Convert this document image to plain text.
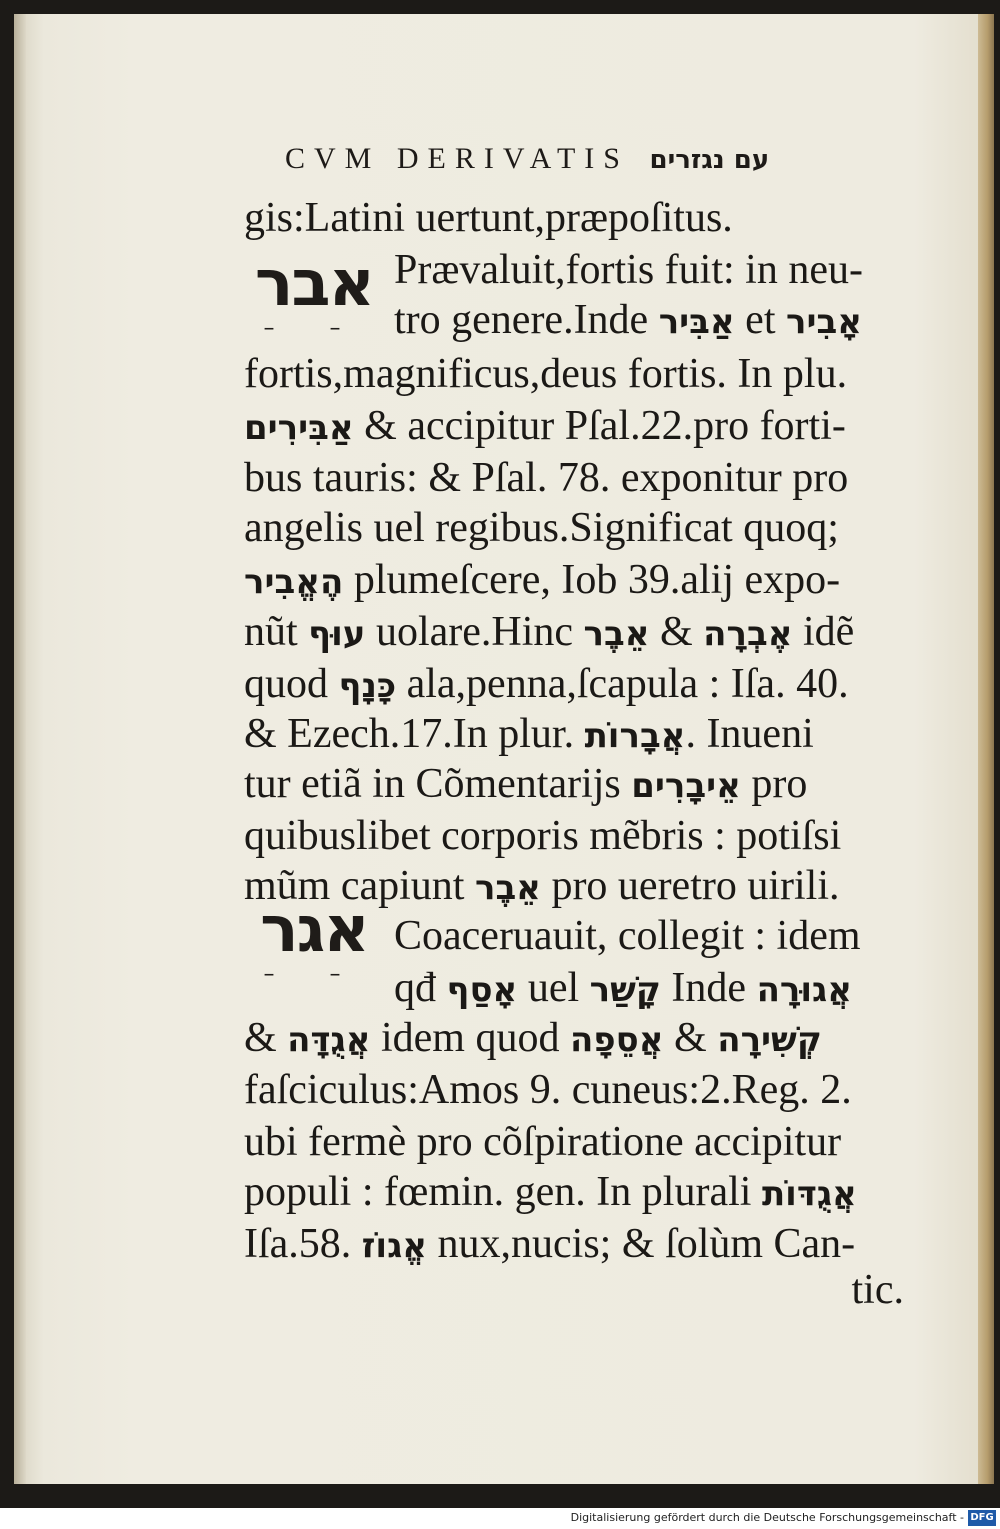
CVM DERIVATIS עם נגזרים
אבר
– –
אגר
– –
gis:Latini uertunt,præpoſitus.
Prævaluit,fortis fuit: in neu-
tro genere.Inde אַבִּיר et אָבִיר
fortis,magnificus,deus fortis. In plu.
אַבִּירִים & accipitur Pſal.22.pro forti-
bus tauris: & Pſal. 78. exponitur pro
angelis uel regibus.Significat quoq;
הֶאֱבִיר plumeſcere, Iob 39.alij expo-
nũt עוּף uolare.Hinc אֵבֶר & אֶבְרָה idẽ
quod כָּנָף ala,penna,ſcapula : Iſa. 40.
& Ezech.17.In plur. אֲבָרוֹת. Inueni
tur etiã in Cõmentarijs אֵיבָרִים pro
quibuslibet corporis mẽbris : potiſsi
mũm capiunt אֵבֶר pro ueretro uirili.
Coaceruauit, collegit : idem
qđ אָסַף uel קָשַׁר Inde אֲגוּרָה
& אֲגֻדָּה idem quod אֲסֵפָה & קְשִׁירָה
faſciculus:Amos 9. cuneus:2.Reg. 2.
ubi fermè pro cõſpiratione accipitur
populi : fœmin. gen. In plurali אֲגֻדּוֹת
Iſa.58. אֱגוֹז nux,nucis; & ſolùm Can-
tic.
Digitalisierung gefördert durch die Deutsche Forschungsgemeinschaft - DFG
